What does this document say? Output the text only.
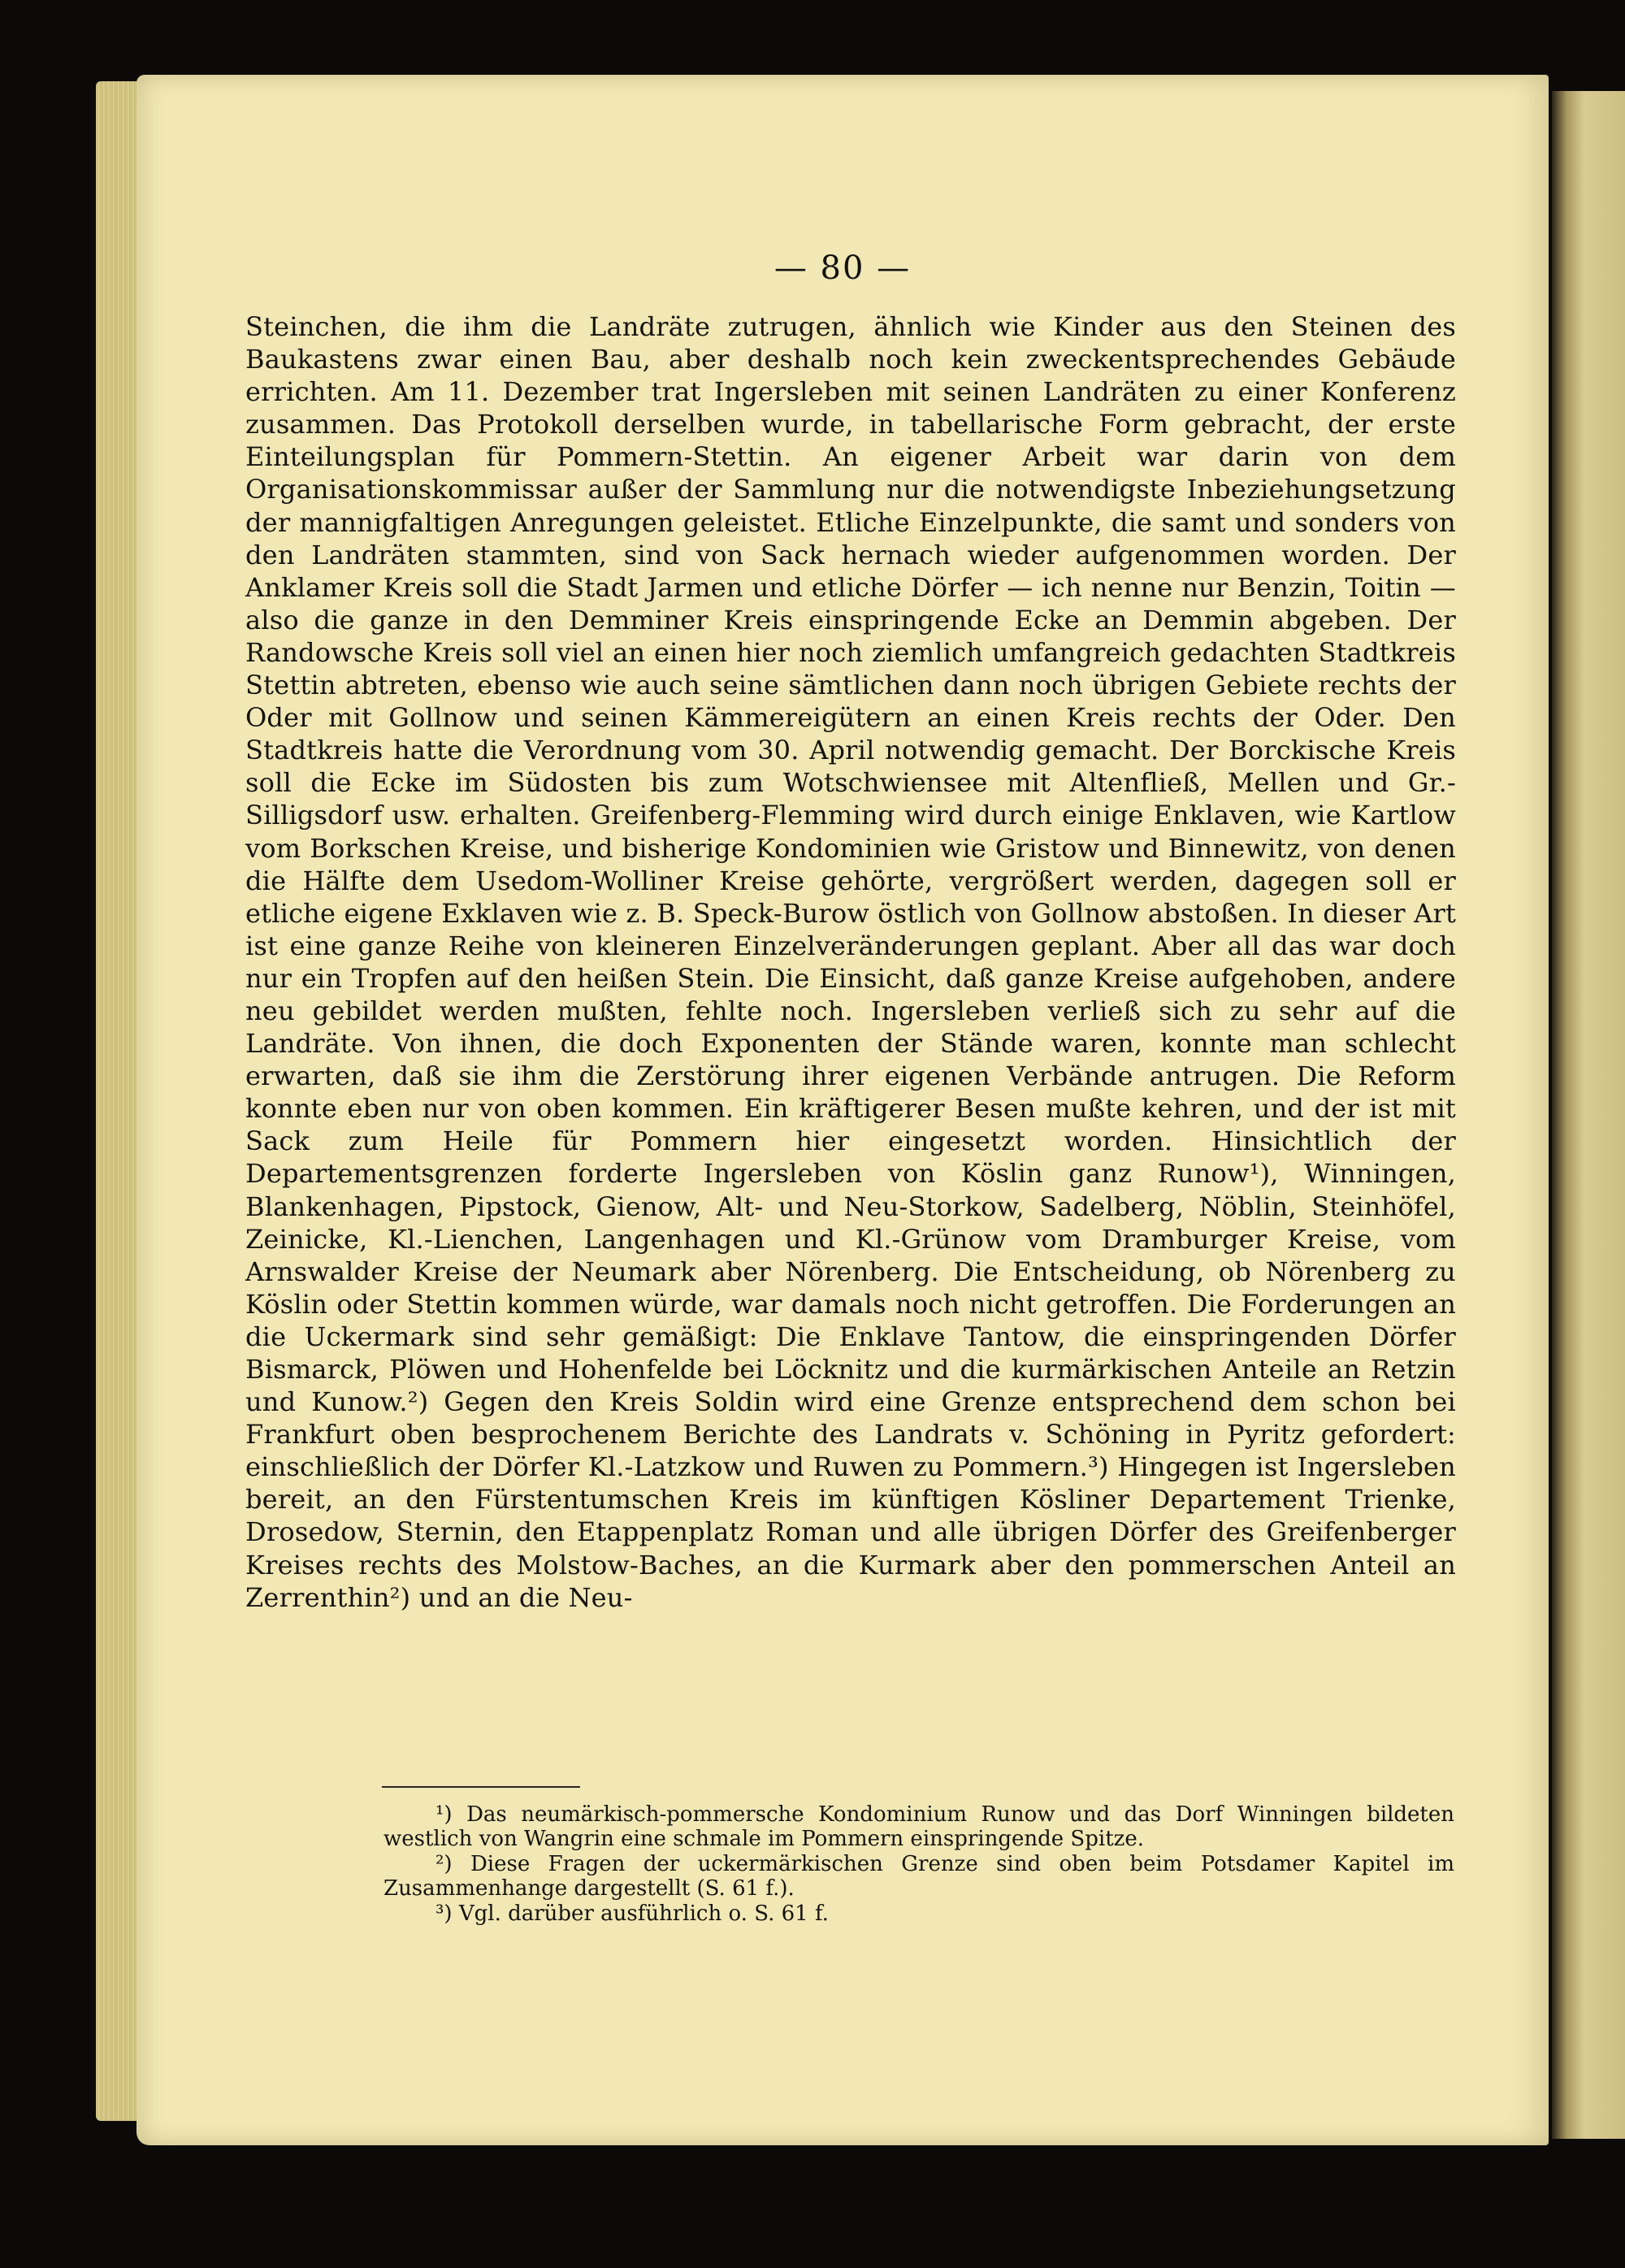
— 80 —

Steinchen, die ihm die Landräte zutrugen, ähnlich wie Kinder aus den Steinen des Baukastens zwar einen Bau, aber deshalb noch kein zweckentsprechendes Gebäude errichten. Am 11. Dezember trat Ingersleben mit seinen Landräten zu einer Konferenz zusammen. Das Protokoll derselben wurde, in tabellarische Form gebracht, der erste Einteilungsplan für Pommern-Stettin. An eigener Arbeit war darin von dem Organisationskommissar außer der Sammlung nur die notwendigste Inbeziehungsetzung der mannigfaltigen Anregungen geleistet. Etliche Einzelpunkte, die samt und sonders von den Landräten stammten, sind von Sack hernach wieder aufgenommen worden. Der Anklamer Kreis soll die Stadt Jarmen und etliche Dörfer — ich nenne nur Benzin, Toitin — also die ganze in den Demminer Kreis einspringende Ecke an Demmin abgeben. Der Randowsche Kreis soll viel an einen hier noch ziemlich umfangreich gedachten Stadtkreis Stettin abtreten, ebenso wie auch seine sämtlichen dann noch übrigen Gebiete rechts der Oder mit Gollnow und seinen Kämmereigütern an einen Kreis rechts der Oder. Den Stadtkreis hatte die Verordnung vom 30. April notwendig gemacht. Der Borckische Kreis soll die Ecke im Südosten bis zum Wotschwiensee mit Altenfließ, Mellen und Gr.-Silligsdorf usw. erhalten. Greifenberg-Flemming wird durch einige Enklaven, wie Kartlow vom Borkschen Kreise, und bisherige Kondominien wie Gristow und Binnewitz, von denen die Hälfte dem Usedom-Wolliner Kreise gehörte, vergrößert werden, dagegen soll er etliche eigene Exklaven wie z. B. Speck-Burow östlich von Gollnow abstoßen. In dieser Art ist eine ganze Reihe von kleineren Einzelveränderungen geplant. Aber all das war doch nur ein Tropfen auf den heißen Stein. Die Einsicht, daß ganze Kreise aufgehoben, andere neu gebildet werden mußten, fehlte noch. Ingersleben verließ sich zu sehr auf die Landräte. Von ihnen, die doch Exponenten der Stände waren, konnte man schlecht erwarten, daß sie ihm die Zerstörung ihrer eigenen Verbände antrugen. Die Reform konnte eben nur von oben kommen. Ein kräftigerer Besen mußte kehren, und der ist mit Sack zum Heile für Pommern hier eingesetzt worden. Hinsichtlich der Departementsgrenzen forderte Ingersleben von Köslin ganz Runow¹), Winningen, Blankenhagen, Pipstock, Gienow, Alt- und Neu-Storkow, Sadelberg, Nöblin, Steinhöfel, Zeinicke, Kl.-Lienchen, Langenhagen und Kl.-Grünow vom Dramburger Kreise, vom Arnswalder Kreise der Neumark aber Nörenberg. Die Entscheidung, ob Nörenberg zu Köslin oder Stettin kommen würde, war damals noch nicht getroffen. Die Forderungen an die Uckermark sind sehr gemäßigt: Die Enklave Tantow, die einspringenden Dörfer Bismarck, Plöwen und Hohenfelde bei Löcknitz und die kurmärkischen Anteile an Retzin und Kunow.²) Gegen den Kreis Soldin wird eine Grenze entsprechend dem schon bei Frankfurt oben besprochenem Berichte des Landrats v. Schöning in Pyritz gefordert: einschließlich der Dörfer Kl.-Latzkow und Ruwen zu Pommern.³) Hingegen ist Ingersleben bereit, an den Fürstentumschen Kreis im künftigen Kösliner Departement Trienke, Drosedow, Sternin, den Etappenplatz Roman und alle übrigen Dörfer des Greifenberger Kreises rechts des Molstow-Baches, an die Kurmark aber den pommerschen Anteil an Zerrenthin²) und an die Neu-

¹) Das neumärkisch-pommersche Kondominium Runow und das Dorf Winningen bildeten westlich von Wangrin eine schmale im Pommern einspringende Spitze.

²) Diese Fragen der uckermärkischen Grenze sind oben beim Potsdamer Kapitel im Zusammenhange dargestellt (S. 61 f.).

³) Vgl. darüber ausführlich o. S. 61 f.
